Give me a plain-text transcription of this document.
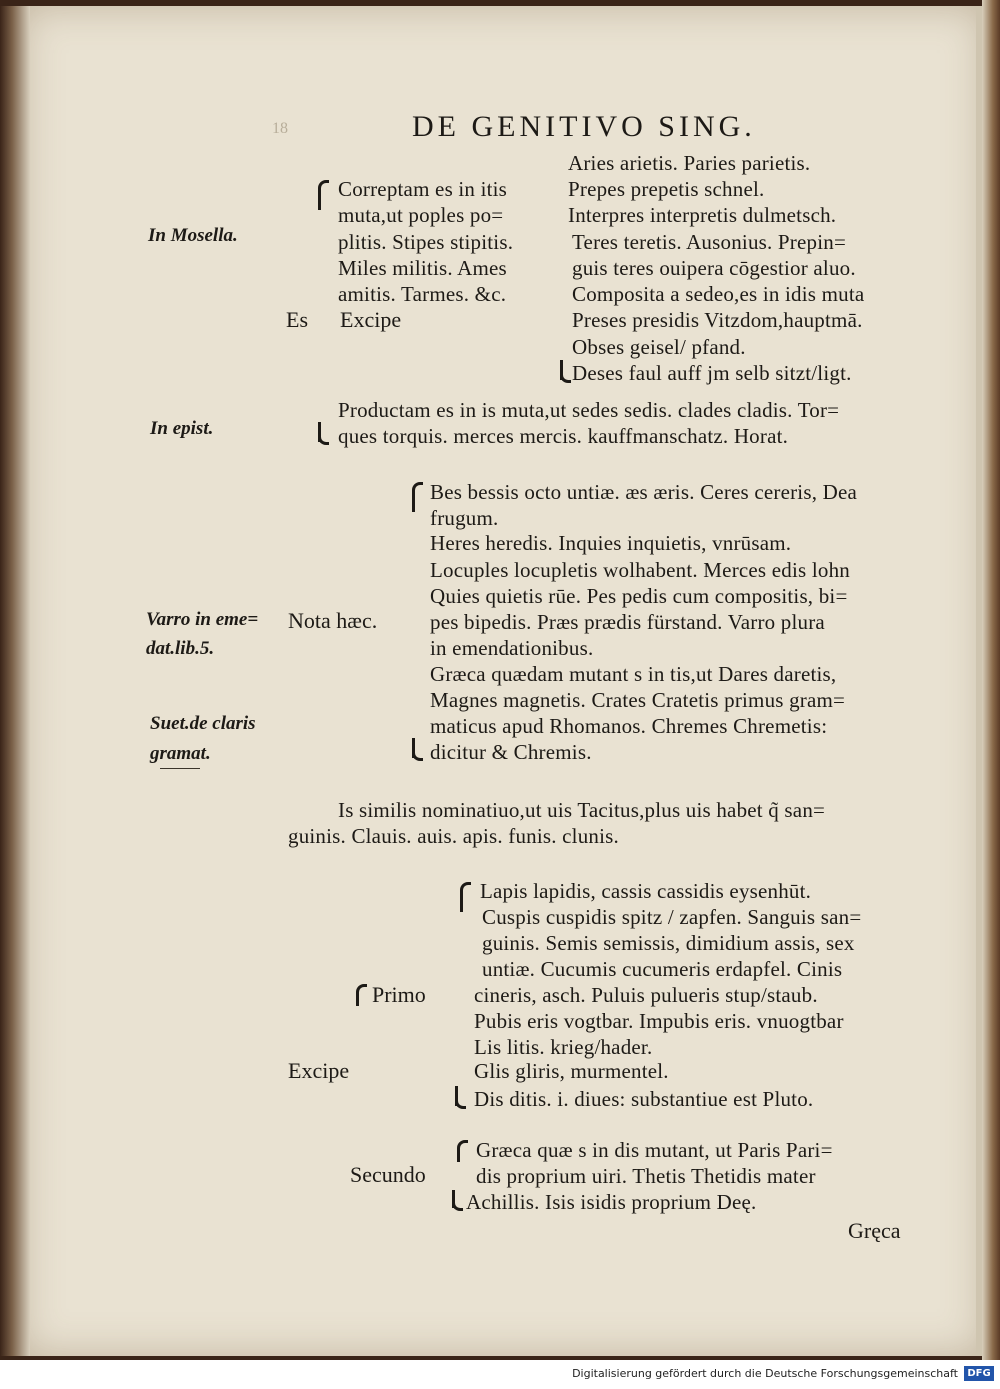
18	DE GENITIVO SING.
In Mosella.
In epist.
Varro in eme=
dat.lib.5.
Suet.de claris
gramat.
Es Excipe
Correptam es in itis
muta,ut poples po=
plitis. Stipes stipitis.
Miles militis. Ames
amitis. Tarmes. &c.
Aries arietis. Paries parietis.
Prepes prepetis schnel.
Interpres interpretis dulmetsch.
Teres teretis. Ausonius. Prepin=
guis teres ouipera cōgestior aluo.
Composita a sedeo,es in idis muta
Preses presidis Vitzdom,hauptmā.
Obses geisel/ pfand.
Deses faul auff jm selb sitzt/ligt.
Productam es in is muta,ut sedes sedis. clades cladis. Tor=
ques torquis. merces mercis. kauffmanschatz. Horat.
Nota hæc.
Bes bessis octo untiæ. æs æris. Ceres cereris, Dea
frugum.
Heres heredis. Inquies inquietis, vnrūsam.
Locuples locupletis wolhabent. Merces edis lohn
Quies quietis rūe. Pes pedis cum compositis, bi=
pes bipedis. Præs prædis fürstand. Varro plura
in emendationibus.
Græca quædam mutant s in tis,ut Dares daretis,
Magnes magnetis. Crates Cratetis primus gram=
maticus apud Rhomanos. Chremes Chremetis:
dicitur & Chremis.
Is similis nominatiuo,ut uis Tacitus,plus uis habet q̃ san=
guinis. Clauis. auis. apis. funis. clunis.
Primo
Excipe
Secundo
Lapis lapidis, cassis cassidis eysenhūt.
Cuspis cuspidis spitz / zapfen. Sanguis san=
guinis. Semis semissis, dimidium assis, sex
untiæ. Cucumis cucumeris erdapfel. Cinis
cineris, asch. Puluis pulueris stup/staub.
Pubis eris vogtbar. Impubis eris. vnuogtbar
Lis litis. krieg/hader.
Glis gliris, murmentel.
Dis ditis. i. diues: substantiue est Pluto.
Græca quæ s in dis mutant, ut Paris Pari=
dis proprium uiri. Thetis Thetidis mater
Achillis. Isis isidis proprium Deę.
Gręca
Digitalisierung gefördert durch die Deutsche Forschungsgemeinschaft DFG
